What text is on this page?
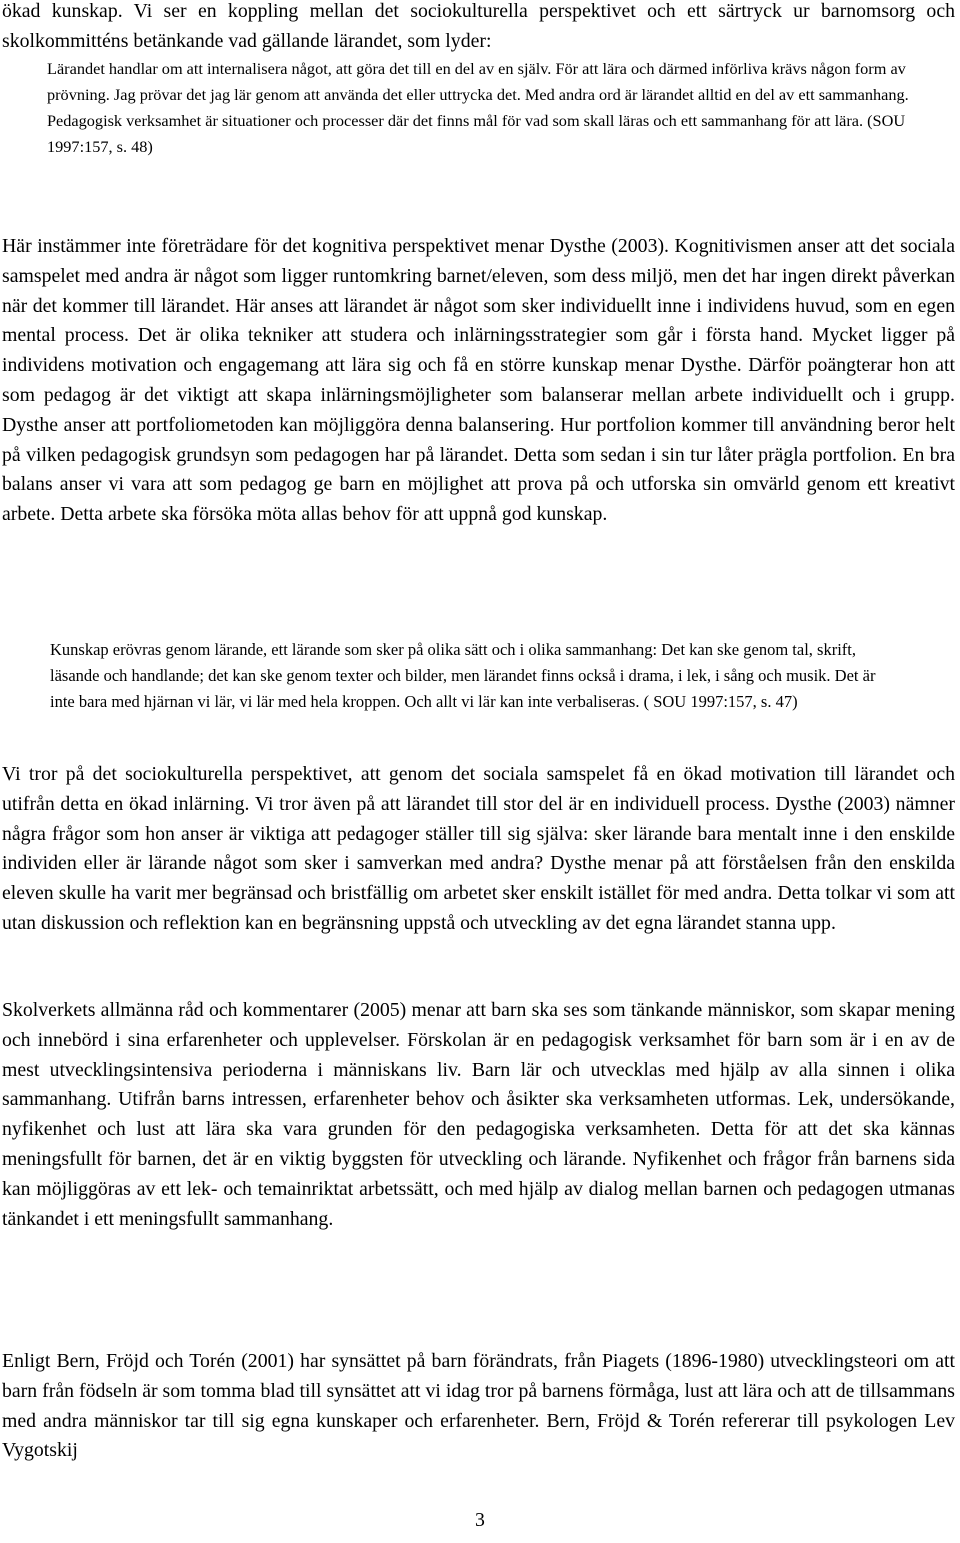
ökad kunskap. Vi ser en koppling mellan det sociokulturella perspektivet och ett särtryck ur barnomsorg och skolkommitténs betänkande vad gällande lärandet, som lyder:

Lärandet handlar om att internalisera något, att göra det till en del av en själv. För att lära och därmed införliva krävs någon form av prövning. Jag prövar det jag lär genom att använda det eller uttrycka det. Med andra ord är lärandet alltid en del av ett sammanhang. Pedagogisk verksamhet är situationer och processer där det finns mål för vad som skall läras och ett sammanhang för att lära. (SOU 1997:157, s. 48)

Här instämmer inte företrädare för det kognitiva perspektivet menar Dysthe (2003). Kognitivismen anser att det sociala samspelet med andra är något som ligger runtomkring barnet/eleven, som dess miljö, men det har ingen direkt påverkan när det kommer till lärandet. Här anses att lärandet är något som sker individuellt inne i individens huvud, som en egen mental process. Det är olika tekniker att studera och inlärningsstrategier som går i första hand. Mycket ligger på individens motivation och engagemang att lära sig och få en större kunskap menar Dysthe. Därför poängterar hon att som pedagog är det viktigt att skapa inlärningsmöjligheter som balanserar mellan arbete individuellt och i grupp. Dysthe anser att portfoliometoden kan möjliggöra denna balansering. Hur portfolion kommer till användning beror helt på vilken pedagogisk grundsyn som pedagogen har på lärandet. Detta som sedan i sin tur låter prägla portfolion. En bra balans anser vi vara att som pedagog ge barn en möjlighet att prova på och utforska sin omvärld genom ett kreativt arbete. Detta arbete ska försöka möta allas behov för att uppnå god kunskap.

Kunskap erövras genom lärande, ett lärande som sker på olika sätt och i olika sammanhang: Det kan ske genom tal, skrift, läsande och handlande; det kan ske genom texter och bilder, men lärandet finns också i drama, i lek, i sång och musik. Det är inte bara med hjärnan vi lär, vi lär med hela kroppen. Och allt vi lär kan inte verbaliseras. ( SOU 1997:157, s. 47)

Vi tror på det sociokulturella perspektivet, att genom det sociala samspelet få en ökad motivation till lärandet och utifrån detta en ökad inlärning. Vi tror även på att lärandet till stor del är en individuell process. Dysthe (2003) nämner några frågor som hon anser är viktiga att pedagoger ställer till sig själva: sker lärande bara mentalt inne i den enskilde individen eller är lärande något som sker i samverkan med andra? Dysthe menar på att förståelsen från den enskilda eleven skulle ha varit mer begränsad och bristfällig om arbetet sker enskilt istället för med andra. Detta tolkar vi som att utan diskussion och reflektion kan en begränsning uppstå och utveckling av det egna lärandet stanna upp.

Skolverkets allmänna råd och kommentarer (2005) menar att barn ska ses som tänkande människor, som skapar mening och innebörd i sina erfarenheter och upplevelser. Förskolan är en pedagogisk verksamhet för barn som är i en av de mest utvecklingsintensiva perioderna i människans liv. Barn lär och utvecklas med hjälp av alla sinnen i olika sammanhang. Utifrån barns intressen, erfarenheter behov och åsikter ska verksamheten utformas. Lek, undersökande, nyfikenhet och lust att lära ska vara grunden för den pedagogiska verksamheten. Detta för att det ska kännas meningsfullt för barnen, det är en viktig byggsten för utveckling och lärande. Nyfikenhet och frågor från barnens sida kan möjliggöras av ett lek- och temainriktat arbetssätt, och med hjälp av dialog mellan barnen och pedagogen utmanas tänkandet i ett meningsfullt sammanhang.

Enligt Bern, Fröjd och Torén (2001) har synsättet på barn förändrats, från Piagets (1896-1980) utvecklingsteori om att barn från födseln är som tomma blad till synsättet att vi idag tror på barnens förmåga, lust att lära och att de tillsammans med andra människor tar till sig egna kunskaper och erfarenheter. Bern, Fröjd & Torén refererar till psykologen Lev Vygotskij

3
